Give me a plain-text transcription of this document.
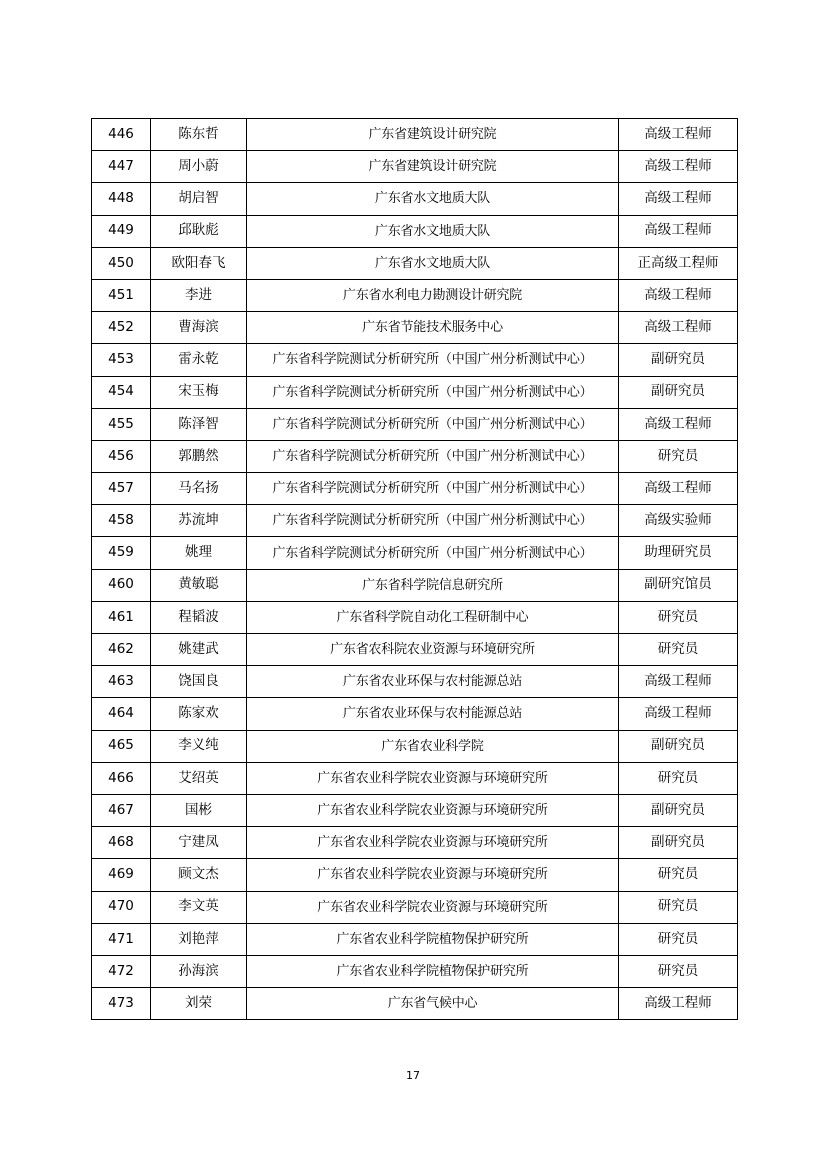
446	陈东哲	广东省建筑设计研究院	高级工程师
447	周小蔚	广东省建筑设计研究院	高级工程师
448	胡启智	广东省水文地质大队	高级工程师
449	邱耿彪	广东省水文地质大队	高级工程师
450	欧阳春飞	广东省水文地质大队	正高级工程师
451	李进	广东省水利电力勘测设计研究院	高级工程师
452	曹海滨	广东省节能技术服务中心	高级工程师
453	雷永乾	广东省科学院测试分析研究所（中国广州分析测试中心）	副研究员
454	宋玉梅	广东省科学院测试分析研究所（中国广州分析测试中心）	副研究员
455	陈泽智	广东省科学院测试分析研究所（中国广州分析测试中心）	高级工程师
456	郭鹏然	广东省科学院测试分析研究所（中国广州分析测试中心）	研究员
457	马名扬	广东省科学院测试分析研究所（中国广州分析测试中心）	高级工程师
458	苏流坤	广东省科学院测试分析研究所（中国广州分析测试中心）	高级实验师
459	姚理	广东省科学院测试分析研究所（中国广州分析测试中心）	助理研究员
460	黄敏聪	广东省科学院信息研究所	副研究馆员
461	程韬波	广东省科学院自动化工程研制中心	研究员
462	姚建武	广东省农科院农业资源与环境研究所	研究员
463	饶国良	广东省农业环保与农村能源总站	高级工程师
464	陈家欢	广东省农业环保与农村能源总站	高级工程师
465	李义纯	广东省农业科学院	副研究员
466	艾绍英	广东省农业科学院农业资源与环境研究所	研究员
467	国彬	广东省农业科学院农业资源与环境研究所	副研究员
468	宁建凤	广东省农业科学院农业资源与环境研究所	副研究员
469	顾文杰	广东省农业科学院农业资源与环境研究所	研究员
470	李文英	广东省农业科学院农业资源与环境研究所	研究员
471	刘艳萍	广东省农业科学院植物保护研究所	研究员
472	孙海滨	广东省农业科学院植物保护研究所	研究员
473	刘荣	广东省气候中心	高级工程师
17
